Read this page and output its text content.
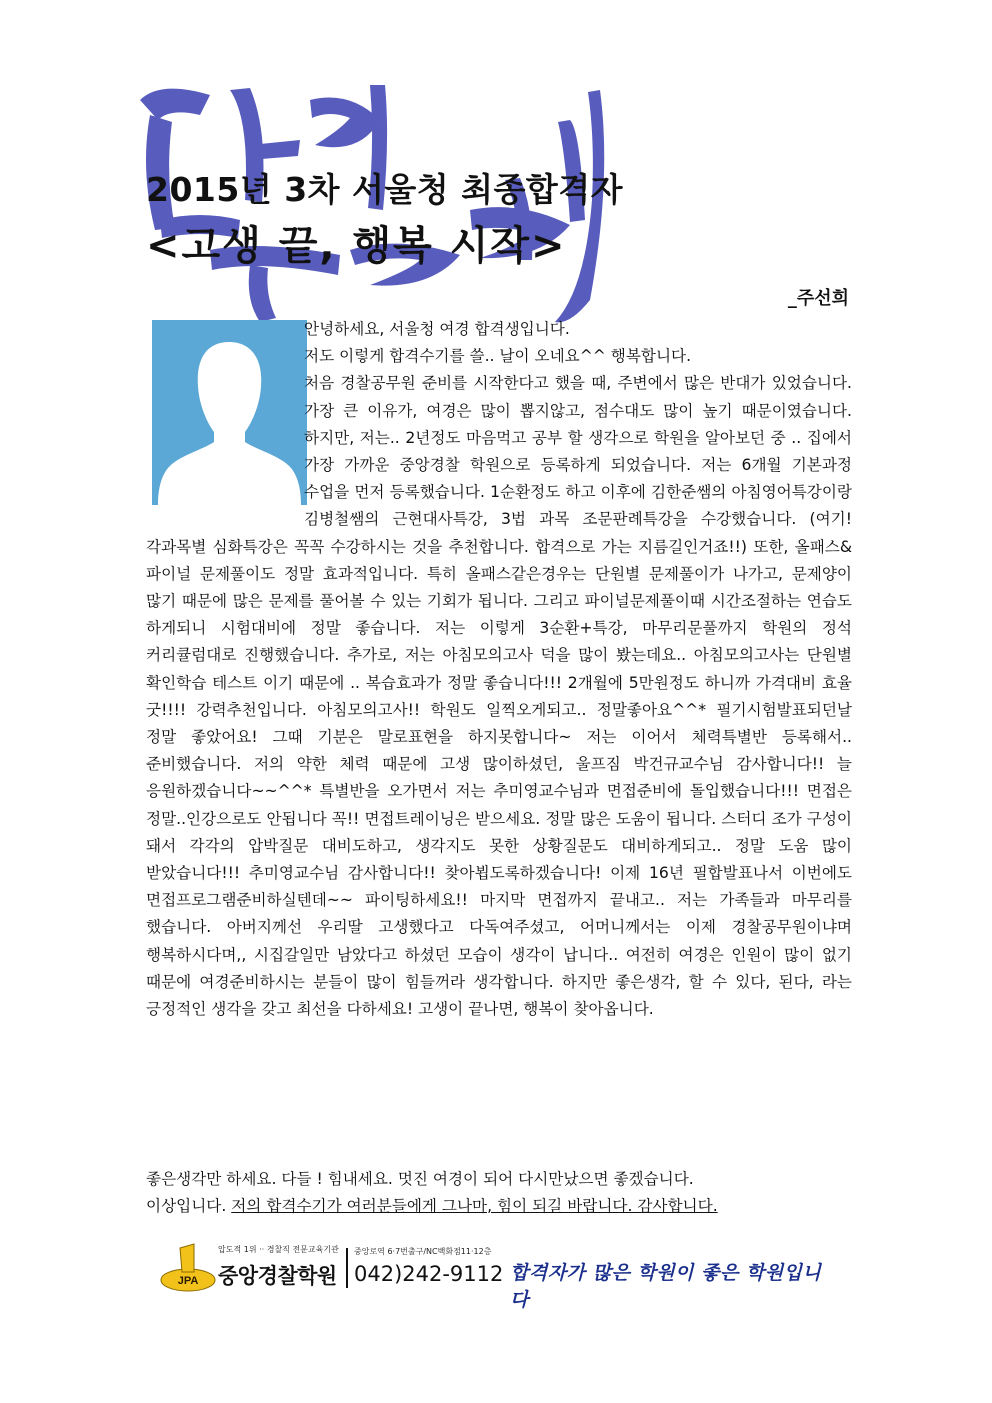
2015년 3차 서울청 최종합격자
<고생 끝, 행복 시작>
_주선희

안녕하세요, 서울청 여경 합격생입니다.

저도 이렇게 합격수기를 쓸.. 날이 오네요^^ 행복합니다.

처음 경찰공무원 준비를 시작한다고 했을 때, 주변에서 많은 반대가 있었습니다. 가장 큰 이유가, 여경은 많이 뽑지않고, 점수대도 많이 높기 때문이였습니다. 하지만, 저는.. 2년정도 마음먹고 공부 할 생각으로 학원을 알아보던 중 .. 집에서 가장 가까운 중앙경찰 학원으로 등록하게 되었습니다. 저는 6개월 기본과정 수업을 먼저 등록했습니다. 1순환정도 하고 이후에 김한준쌤의 아침영어특강이랑 김병철쌤의 근현대사특강, 3법 과목 조문판례특강을 수강했습니다. (여기! 각과목별 심화특강은 꼭꼭 수강하시는 것을 추천합니다. 합격으로 가는 지름길인거죠!!) 또한, 올패스&파이널 문제풀이도 정말 효과적입니다. 특히 올패스같은경우는 단원별 문제풀이가 나가고, 문제양이 많기 때문에 많은 문제를 풀어볼 수 있는 기회가 됩니다. 그리고 파이널문제풀이때 시간조절하는 연습도 하게되니 시험대비에 정말 좋습니다. 저는 이렇게 3순환+특강, 마무리문풀까지 학원의 정석 커리큘럼대로 진행했습니다. 추가로, 저는 아침모의고사 덕을 많이 봤는데요.. 아침모의고사는 단원별 확인학습 테스트 이기 때문에 .. 복습효과가 정말 좋습니다!!! 2개월에 5만원정도 하니까 가격대비 효율 굿!!!! 강력추천입니다. 아침모의고사!! 학원도 일찍오게되고.. 정말좋아요^^* 필기시험발표되던날 정말 좋았어요! 그때 기분은 말로표현을 하지못합니다~ 저는 이어서 체력특별반 등록해서.. 준비했습니다. 저의 약한 체력 때문에 고생 많이하셨던, 울프짐 박건규교수님 감사합니다!! 늘 응원하겠습니다~~^^* 특별반을 오가면서 저는 추미영교수님과 면접준비에 돌입했습니다!!! 면접은 정말..인강으로도 안됩니다 꼭!! 면접트레이닝은 받으세요. 정말 많은 도움이 됩니다. 스터디 조가 구성이 돼서 각각의 압박질문 대비도하고, 생각지도 못한 상황질문도 대비하게되고.. 정말 도움 많이 받았습니다!!! 추미영교수님 감사합니다!! 찾아뵙도록하겠습니다! 이제 16년 필합발표나서 이번에도 면접프로그램준비하실텐데~~ 파이팅하세요!! 마지막 면접까지 끝내고.. 저는 가족들과 마무리를 했습니다. 아버지께선 우리딸 고생했다고 다독여주셨고, 어머니께서는 이제 경찰공무원이냐며 행복하시다며,, 시집갈일만 남았다고 하셨던 모습이 생각이 납니다.. 여전히 여경은 인원이 많이 없기 때문에 여경준비하시는 분들이 많이 힘들꺼라 생각합니다. 하지만 좋은생각, 할 수 있다, 된다, 라는 긍정적인 생각을 갖고 최선을 다하세요! 고생이 끝나면, 행복이 찾아옵니다.

좋은생각만 하세요. 다들 ! 힘내세요. 멋진 여경이 되어 다시만났으면 좋겠습니다.

이상입니다. 저의 합격수기가 여러분들에게 그나마, 힘이 되길 바랍니다. 감사합니다.

JPA
압도적 1위 ·· 경찰직 전문교육기관
중앙경찰학원
중앙로역 6·7번출구/NC백화점11·12층
042)242-9112 합격자가 많은 학원이 좋은 학원입니다
